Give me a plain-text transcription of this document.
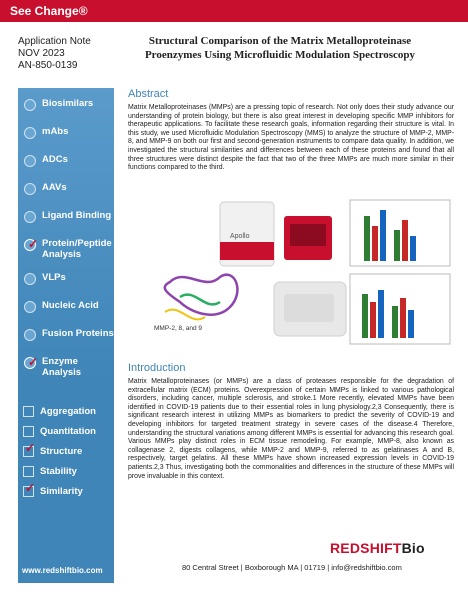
See Change®
Application Note
NOV 2023
AN-850-0139
Structural Comparison of the Matrix Metalloproteinase Proenzymes Using Microfluidic Modulation Spectroscopy
Biosimilars
mAbs
ADCs
AAVs
Ligand Binding
✓ Protein/Peptide Analysis
VLPs
Nucleic Acid
Fusion Proteins
✓ Enzyme Analysis
Aggregation
Quantitation
✓ Structure
Stability
✓ Similarity
www.redshiftbio.com
Abstract
Matrix Metalloproteinases (MMPs) are a pressing topic of research. Not only does their study advance our understanding of protein biology, but there is also great interest in developing specific MMP inhibitors for therapeutic applications. To facilitate these research goals, information regarding their structure is vital. In this study, we used Microfluidic Modulation Spectroscopy (MMS) to analyze the structure of MMP-2, MMP-8, and MMP-9 on both our first and second-generation instruments to compare data quality. In addition, we investigated the structural similarities and differences between each of these proteins and found that all three structures were distinct despite the fact that two of the three MMPs are much more similar in their functions compared to the third.
Apollo
MMP-2, 8, and 9
Introduction
Matrix Metalloproteinases (or MMPs) are a class of proteases responsible for the degradation of extracellular matrix (ECM) proteins. Overexpression of certain MMPs is linked to various pathological disorders, including cancer, multiple sclerosis, and stroke.1 More recently, elevated MMPs have been identified in COVID-19 patients due to their essential roles in lung physiology.2,3 Consequently, there is significant research interest in utilizing MMPs as biomarkers to predict the severity of COVID-19 and developing inhibitors for targeted treatment strategy in severe cases of the disease.4 Therefore, understanding the structural variations among different MMPs is essential for advancing this research goal. Various MMPs play distinct roles in ECM tissue remodeling. For example, MMP-8, also known as collagenase 2, digests collagens, while MMP-2 and MMP-9, referred to as gelatinases A and B, respectively, target gelatins. All these MMPs have shown increased expression levels in COVID-19 patients.2,3 Thus, investigating both the commonalities and differences in the structure of these MMPs will prove invaluable in this context.
REDSHIFTBio
80 Central Street | Boxborough MA | 01719 | info@redshiftbio.com
